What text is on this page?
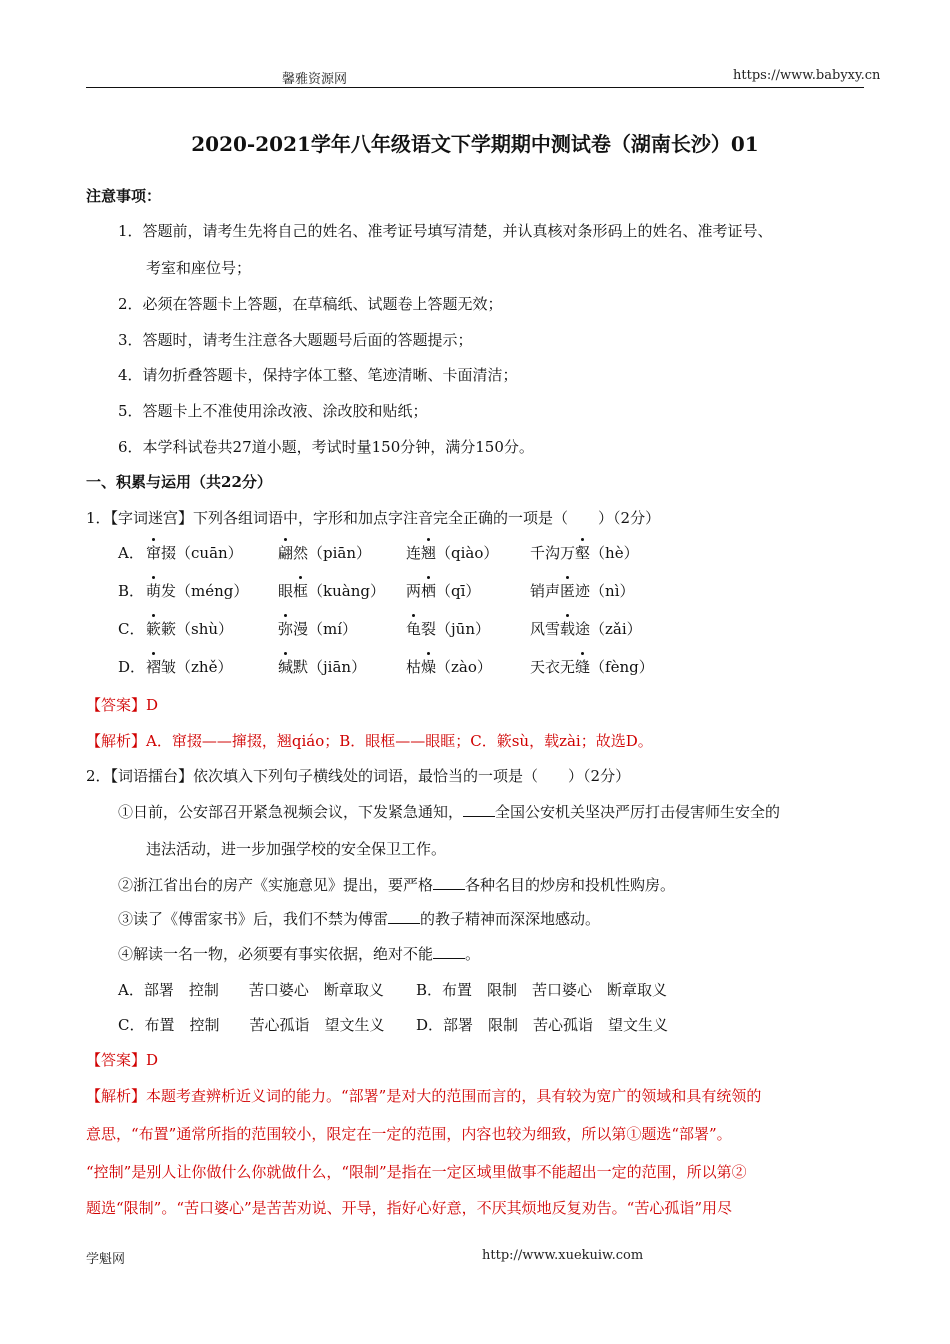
馨雅资源网	https://www.babyxy.cn
2020-2021学年八年级语文下学期期中测试卷（湖南长沙）01
注意事项：
1．答题前，请考生先将自己的姓名、准考证号填写清楚，并认真核对条形码上的姓名、准考证号、
考室和座位号；
2．必须在答题卡上答题，在草稿纸、试题卷上答题无效；
3．答题时，请考生注意各大题题号后面的答题提示；
4．请勿折叠答题卡，保持字体工整、笔迹清晰、卡面清洁；
5．答题卡上不准使用涂改液、涂改胶和贴纸；
6．本学科试卷共27道小题，考试时量150分钟，满分150分。
一、积累与运用（共22分）
1．【字词迷宫】下列各组词语中，字形和加点字注音完全正确的一项是（　　）（2分）
A． 窜掇（cuān） 翩然（piān） 连翘（qiào） 千沟万壑（hè）
B． 萌发（méng） 眼框（kuàng） 两栖（qī）	销声匿迹（nì）
C． 簌簌（shù）	弥漫（mí）	龟裂（jūn）	风雪载途（zǎi）
D． 褶皱（zhě）	缄默（jiān）	枯燥（zào）	天衣无缝（fèng）
【答案】D
【解析】A．窜掇——撺掇，翘qiáo；B．眼框——眼眶；C．簌sù，载zài；故选D。
2．【词语擂台】依次填入下列句子横线处的词语，最恰当的一项是（　　）（2分）
①日前，公安部召开紧急视频会议，下发紧急通知， 全国公安机关坚决严厉打击侵害师生安全的
违法活动，进一步加强学校的安全保卫工作。
②浙江省出台的房产《实施意见》提出，要严格 各种名目的炒房和投机性购房。
③读了《傅雷家书》后，我们不禁为傅雷 的教子精神而深深地感动。
④解读一名一物，必须要有事实依据，绝对不能 。
A．部署　控制　　苦口婆心　断章取义 B．布置　限制　苦口婆心　断章取义
C．布置　控制　　苦心孤诣　望文生义 D．部署　限制　苦心孤诣　望文生义
【答案】D
【解析】本题考查辨析近义词的能力。“部署”是对大的范围而言的，具有较为宽广的领域和具有统领的
意思，“布置”通常所指的范围较小，限定在一定的范围，内容也较为细致，所以第①题选“部署”。
“控制”是别人让你做什么你就做什么，“限制”是指在一定区域里做事不能超出一定的范围，所以第②
题选“限制”。“苦口婆心”是苦苦劝说、开导，指好心好意，不厌其烦地反复劝告。“苦心孤诣”用尽
学魁网	http://www.xuekuiw.com
